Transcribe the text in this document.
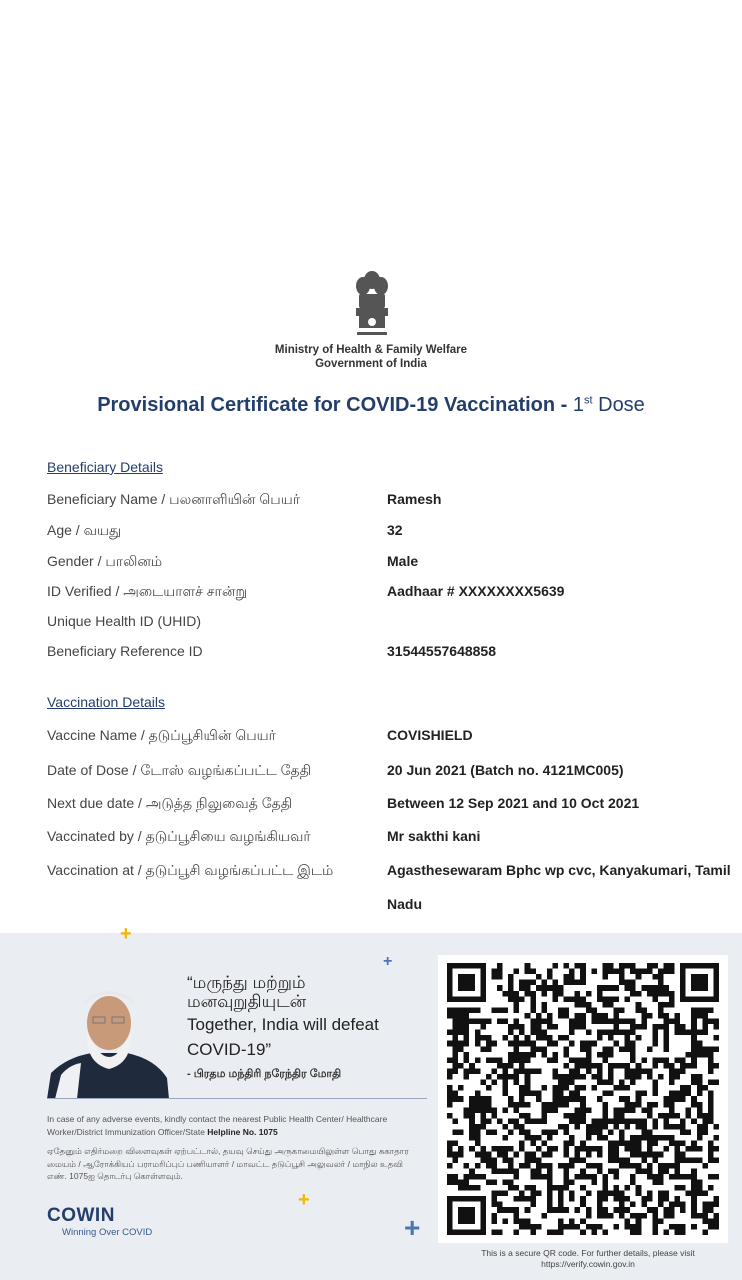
Ministry of Health & Family Welfare
Government of India
Provisional Certificate for COVID-19 Vaccination - 1st Dose
Beneficiary Details
Beneficiary Name / பலனாளியின் பெயர்	Ramesh
Age / வயது	32
Gender / பாலினம்	Male
ID Verified / அடையாளச் சான்று	Aadhaar # XXXXXXXX5639
Unique Health ID (UHID)
Beneficiary Reference ID	31544557648858
Vaccination Details
Vaccine Name / தடுப்பூசியின் பெயர்	COVISHIELD
Date of Dose / டோஸ் வழங்கப்பட்ட தேதி	20 Jun 2021 (Batch no. 4121MC005)
Next due date / அடுத்த நிலுவைத் தேதி	Between 12 Sep 2021 and 10 Oct 2021
Vaccinated by / தடுப்பூசியை வழங்கியவர்	Mr sakthi kani
Vaccination at / தடுப்பூசி வழங்கப்பட்ட இடம்	Agasthesewaram Bphc wp cvc, Kanyakumari, Tamil Nadu
+
+
+
+
“மருந்து மற்றும்
மனவுறுதியுடன்
Together, India will defeat
COVID-19”
- பிரதம மந்திரி நரேந்திர மோதி
In case of any adverse events, kindly contact the nearest Public Health Center/ Healthcare Worker/District Immunization Officer/State Helpline No. 1075
ஏதேனும் எதிர்மறை விளைவுகள் ஏற்பட்டால், தயவு செய்து அருகாமையிலுள்ள பொது சுகாதார மையம் / ஆரோக்கியப் பராமரிப்புப் பணியாளர் / மாவட்ட தடுப்பூசி அலுவலர் / மாநில உதவி எண். 1075ஐ தொடர்பு கொள்ளவும்.
COWIN
Winning Over COVID
This is a secure QR code. For further details, please visit
https://verify.cowin.gov.in
